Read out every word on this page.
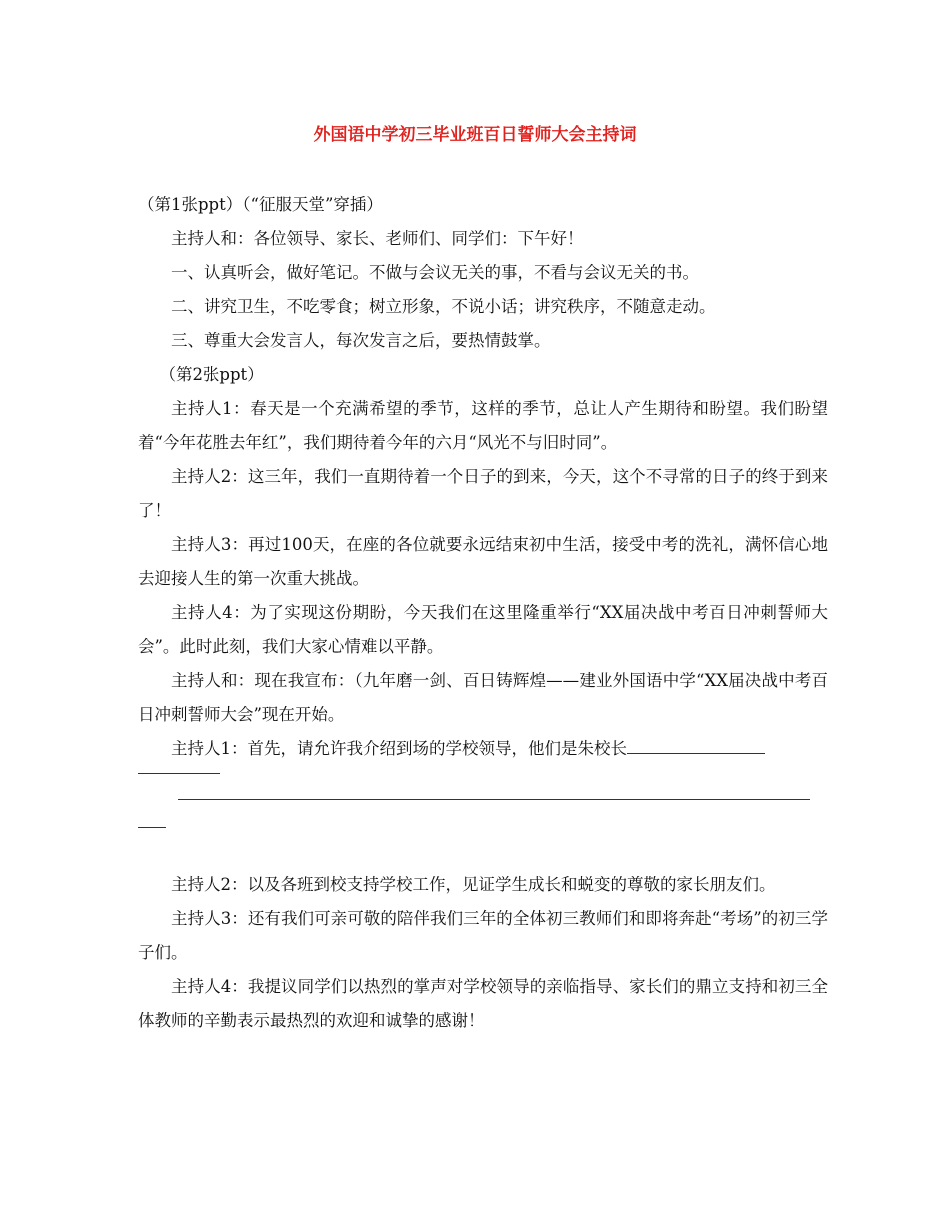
外国语中学初三毕业班百日誓师大会主持词

（第1张ppt）（“征服天堂”穿插）

主持人和：各位领导、家长、老师们、同学们：下午好！

一、认真听会，做好笔记。不做与会议无关的事，不看与会议无关的书。

二、讲究卫生，不吃零食；树立形象，不说小话；讲究秩序，不随意走动。

三、尊重大会发言人，每次发言之后，要热情鼓掌。

（第2张ppt）

主持人1：春天是一个充满希望的季节，这样的季节，总让人产生期待和盼望。我们盼望着“今年花胜去年红”，我们期待着今年的六月“风光不与旧时同”。

主持人2：这三年，我们一直期待着一个日子的到来，今天，这个不寻常的日子的终于到来了！

主持人3：再过100天，在座的各位就要永远结束初中生活，接受中考的洗礼，满怀信心地去迎接人生的第一次重大挑战。

主持人4：为了实现这份期盼，今天我们在这里隆重举行“XX届决战中考百日冲刺誓师大会”。此时此刻，我们大家心情难以平静。

主持人和：现在我宣布：（九年磨一剑、百日铸辉煌——建业外国语中学“XX届决战中考百日冲刺誓师大会”现在开始。

主持人1：首先，请允许我介绍到场的学校领导，他们是朱校长

主持人2：以及各班到校支持学校工作，见证学生成长和蜕变的尊敬的家长朋友们。

主持人3：还有我们可亲可敬的陪伴我们三年的全体初三教师们和即将奔赴“考场”的初三学子们。

主持人4：我提议同学们以热烈的掌声对学校领导的亲临指导、家长们的鼎立支持和初三全体教师的辛勤表示最热烈的欢迎和诚挚的感谢！
